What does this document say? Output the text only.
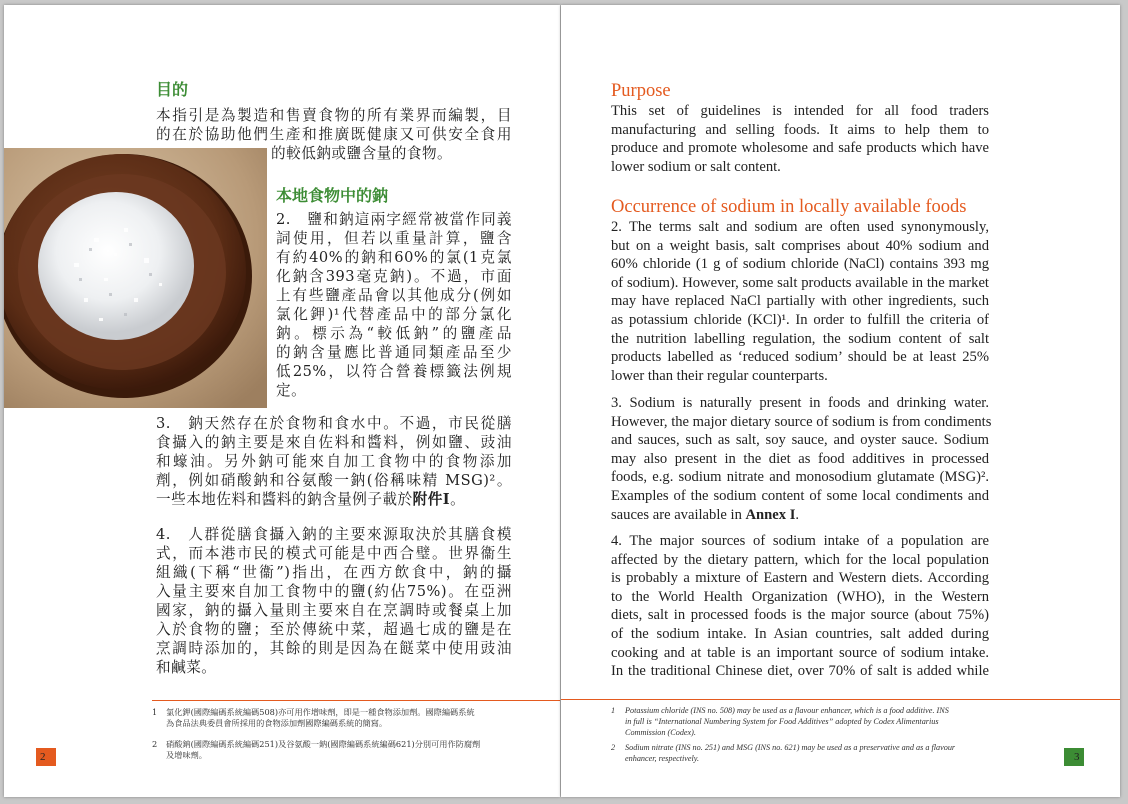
目的
本指引是為製造和售賣食物的所有業界而編製，目
的在於協助他們生產和推廣既健康又可供安全食用
的較低鈉或鹽含量的食物。
本地食物中的鈉
2.　鹽和鈉這兩字經常被當作同義
詞使用，但若以重量計算，鹽含
有約40%的鈉和60%的氯(1克氯
化鈉含393毫克鈉)。不過，市面
上有些鹽產品會以其他成分(例如
氯化鉀)¹代替產品中的部分氯化
鈉。標示為“較低鈉”的鹽產品
的鈉含量應比普通同類產品至少
低25%，以符合營養標籤法例規
定。
3.　鈉天然存在於食物和食水中。不過，市民從膳
食攝入的鈉主要是來自佐料和醬料，例如鹽、豉油
和蠔油。另外鈉可能來自加工食物中的食物添加
劑，例如硝酸鈉和谷氨酸一鈉(俗稱味精 MSG)²。
一些本地佐料和醬料的鈉含量例子載於附件I。
4.　人群從膳食攝入鈉的主要來源取決於其膳食模
式，而本港市民的模式可能是中西合璧。世界衞生
組織(下稱“世衞”)指出，在西方飲食中，鈉的攝
入量主要來自加工食物中的鹽(約佔75%)。在亞洲
國家，鈉的攝入量則主要來自在烹調時或餐桌上加
入於食物的鹽；至於傳統中菜，超過七成的鹽是在
烹調時添加的，其餘的則是因為在餸菜中使用豉油
和鹹菜。
1 氯化鉀(國際編碼系統編碼508)亦可用作增味劑，即是一種食物添加劑。國際編碼系統
為食品法典委員會所採用的食物添加劑國際編碼系統的簡寫。
2 硝酸鈉(國際編碼系統編碼251)及谷氨酸一鈉(國際編碼系統編碼621)分別可用作防腐劑
及增味劑。
2
Purpose
This set of guidelines is intended for all food traders
manufacturing and selling foods. It aims to help them to
produce and promote wholesome and safe products which have
lower sodium or salt content.
Occurrence of sodium in locally available foods
2. The terms salt and sodium are often used synonymously,
but on a weight basis, salt comprises about 40% sodium and
60% chloride (1 g of sodium chloride (NaCl) contains 393 mg
of sodium). However, some salt products available in the market
may have replaced NaCl partially with other ingredients, such
as potassium chloride (KCl)¹. In order to fulfill the criteria of
the nutrition labelling regulation, the sodium content of salt
products labelled as ‘reduced sodium’ should be at least 25%
lower than their regular counterparts.
3. Sodium is naturally present in foods and drinking water.
However, the major dietary source of sodium is from condiments
and sauces, such as salt, soy sauce, and oyster sauce. Sodium
may also present in the diet as food additives in processed
foods, e.g. sodium nitrate and monosodium glutamate (MSG)².
Examples of the sodium content of some local condiments and
sauces are available in Annex I.
4. The major sources of sodium intake of a population are
affected by the dietary pattern, which for the local population
is probably a mixture of Eastern and Western diets. According
to the World Health Organization (WHO), in the Western
diets, salt in processed foods is the major source (about 75%)
of the sodium intake. In Asian countries, salt added during
cooking and at table is an important source of sodium intake.
In the traditional Chinese diet, over 70% of salt is added while
1 Potassium chloride (INS no. 508) may be used as a flavour enhancer, which is a food additive. INS
in full is “International Numbering System for Food Additives” adopted by Codex Alimentarius
Commission (Codex).
2 Sodium nitrate (INS no. 251) and MSG (INS no. 621) may be used as a preservative and as a flavour
enhancer, respectively.	3
